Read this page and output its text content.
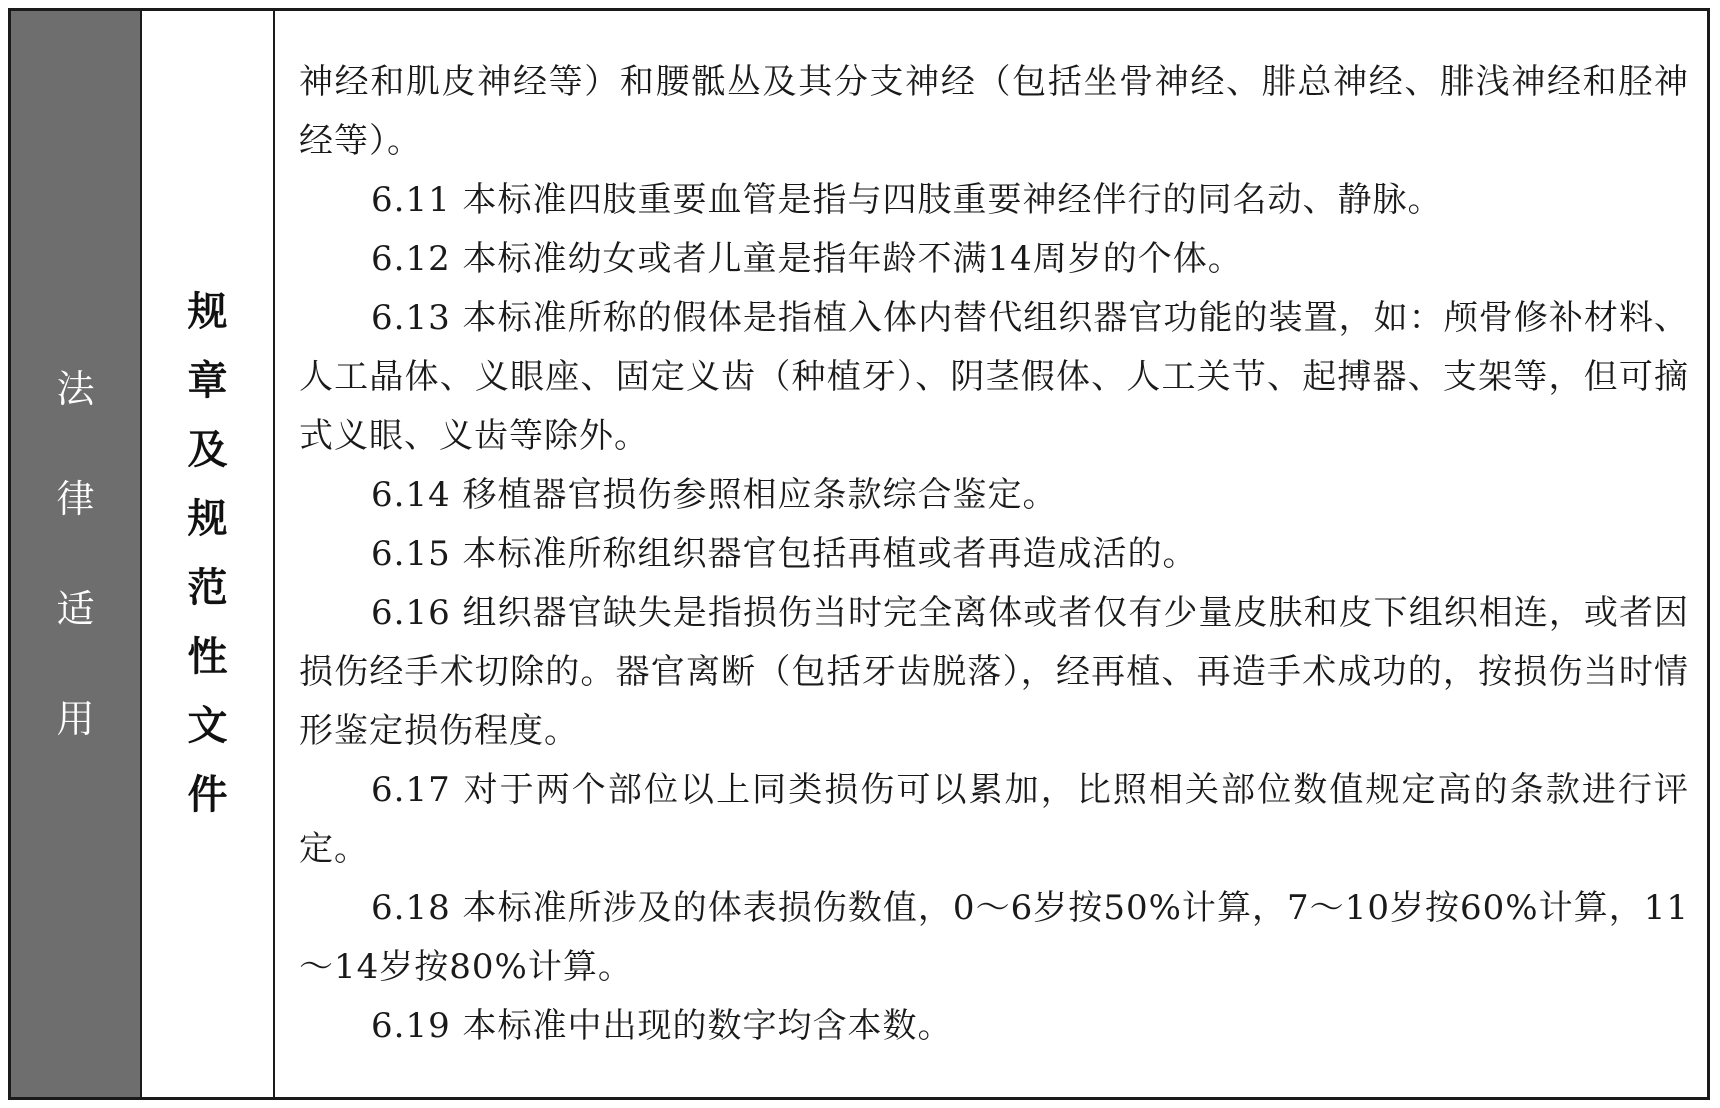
法
律
适
用
规
章
及
规
范
性
文
件

神经和肌皮神经等）和腰骶丛及其分支神经（包括坐骨神经、腓总神经、腓浅神经和胫神经等）。

6.11 本标准四肢重要血管是指与四肢重要神经伴行的同名动、静脉。

6.12 本标准幼女或者儿童是指年龄不满14周岁的个体。

6.13 本标准所称的假体是指植入体内替代组织器官功能的装置，如：颅骨修补材料、人工晶体、义眼座、固定义齿（种植牙）、阴茎假体、人工关节、起搏器、支架等，但可摘式义眼、义齿等除外。

6.14 移植器官损伤参照相应条款综合鉴定。

6.15 本标准所称组织器官包括再植或者再造成活的。

6.16 组织器官缺失是指损伤当时完全离体或者仅有少量皮肤和皮下组织相连，或者因损伤经手术切除的。器官离断（包括牙齿脱落），经再植、再造手术成功的，按损伤当时情形鉴定损伤程度。

6.17 对于两个部位以上同类损伤可以累加，比照相关部位数值规定高的条款进行评定。

6.18 本标准所涉及的体表损伤数值，0～6岁按50%计算，7～10岁按60%计算，11～14岁按80%计算。

6.19 本标准中出现的数字均含本数。
